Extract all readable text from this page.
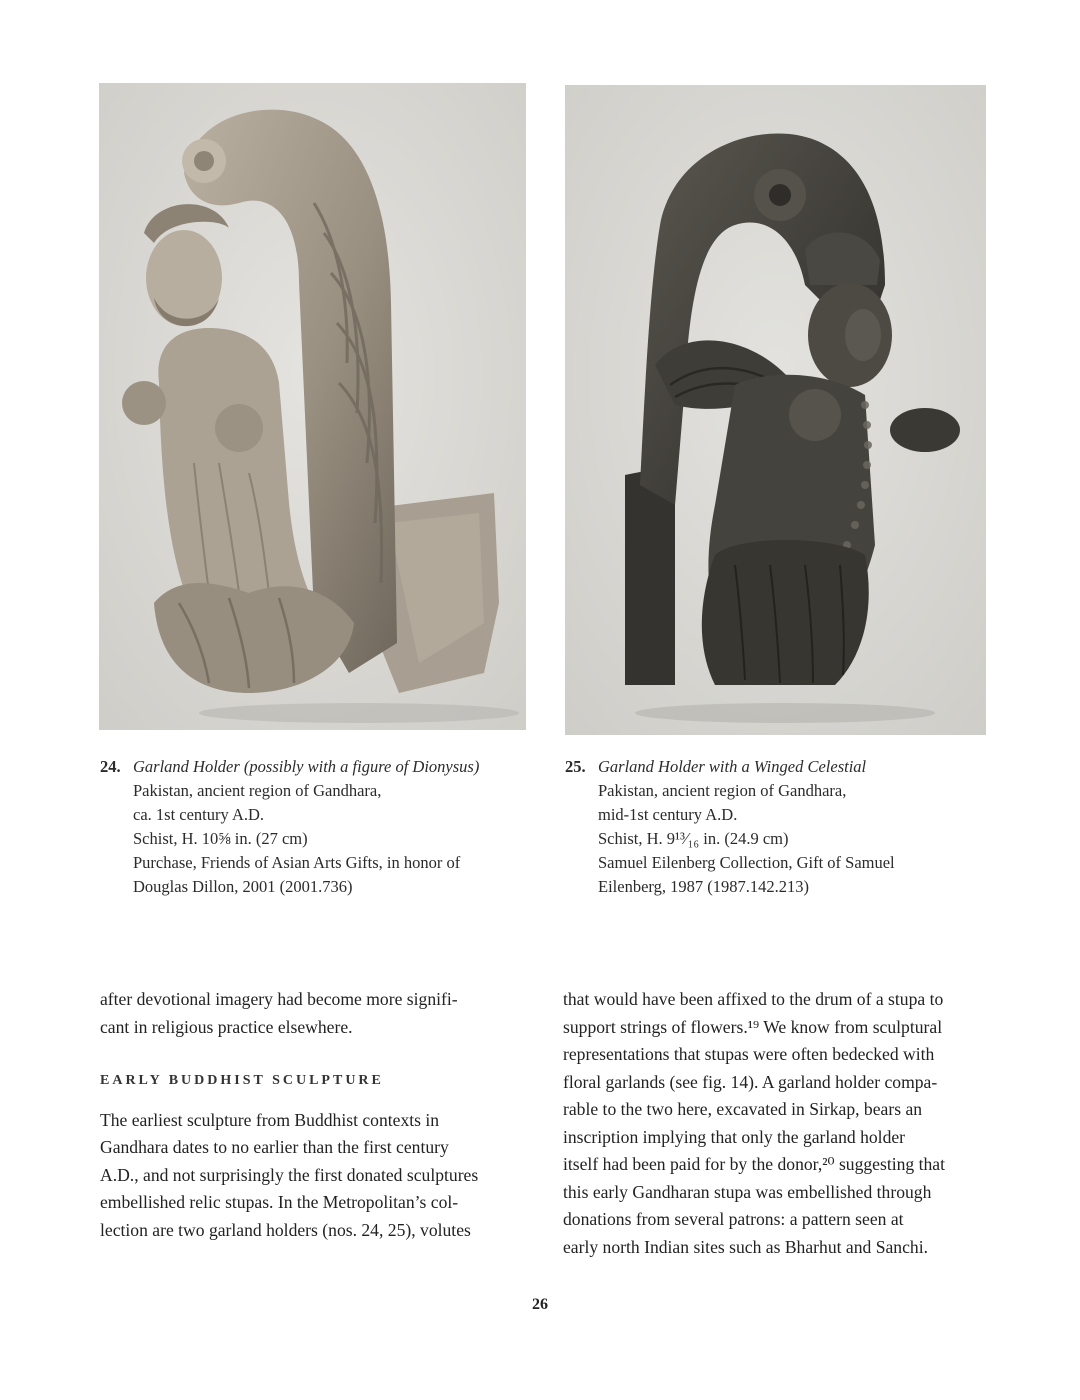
24. Garland Holder (possibly with a figure of Dionysus)
Pakistan, ancient region of Gandhara,
ca. 1st century A.D.
Schist, H. 10⅝ in. (27 cm)
Purchase, Friends of Asian Arts Gifts, in honor of
Douglas Dillon, 2001 (2001.736)
25. Garland Holder with a Winged Celestial
Pakistan, ancient region of Gandhara,
mid-1st century A.D.
Schist, H. 9¹³⁄₁₆ in. (24.9 cm)
Samuel Eilenberg Collection, Gift of Samuel
Eilenberg, 1987 (1987.142.213)

after devotional imagery had become more signifi-
cant in religious practice elsewhere.

EARLY BUDDHIST SCULPTURE

The earliest sculpture from Buddhist contexts in
Gandhara dates to no earlier than the first century
A.D., and not surprisingly the first donated sculptures
embellished relic stupas. In the Metropolitan’s col-
lection are two garland holders (nos. 24, 25), volutes

that would have been affixed to the drum of a stupa to
support strings of flowers.¹⁹ We know from sculptural
representations that stupas were often bedecked with
floral garlands (see fig. 14). A garland holder compa-
rable to the two here, excavated in Sirkap, bears an
inscription implying that only the garland holder
itself had been paid for by the donor,²⁰ suggesting that
this early Gandharan stupa was embellished through
donations from several patrons: a pattern seen at
early north Indian sites such as Bharhut and Sanchi.
26
